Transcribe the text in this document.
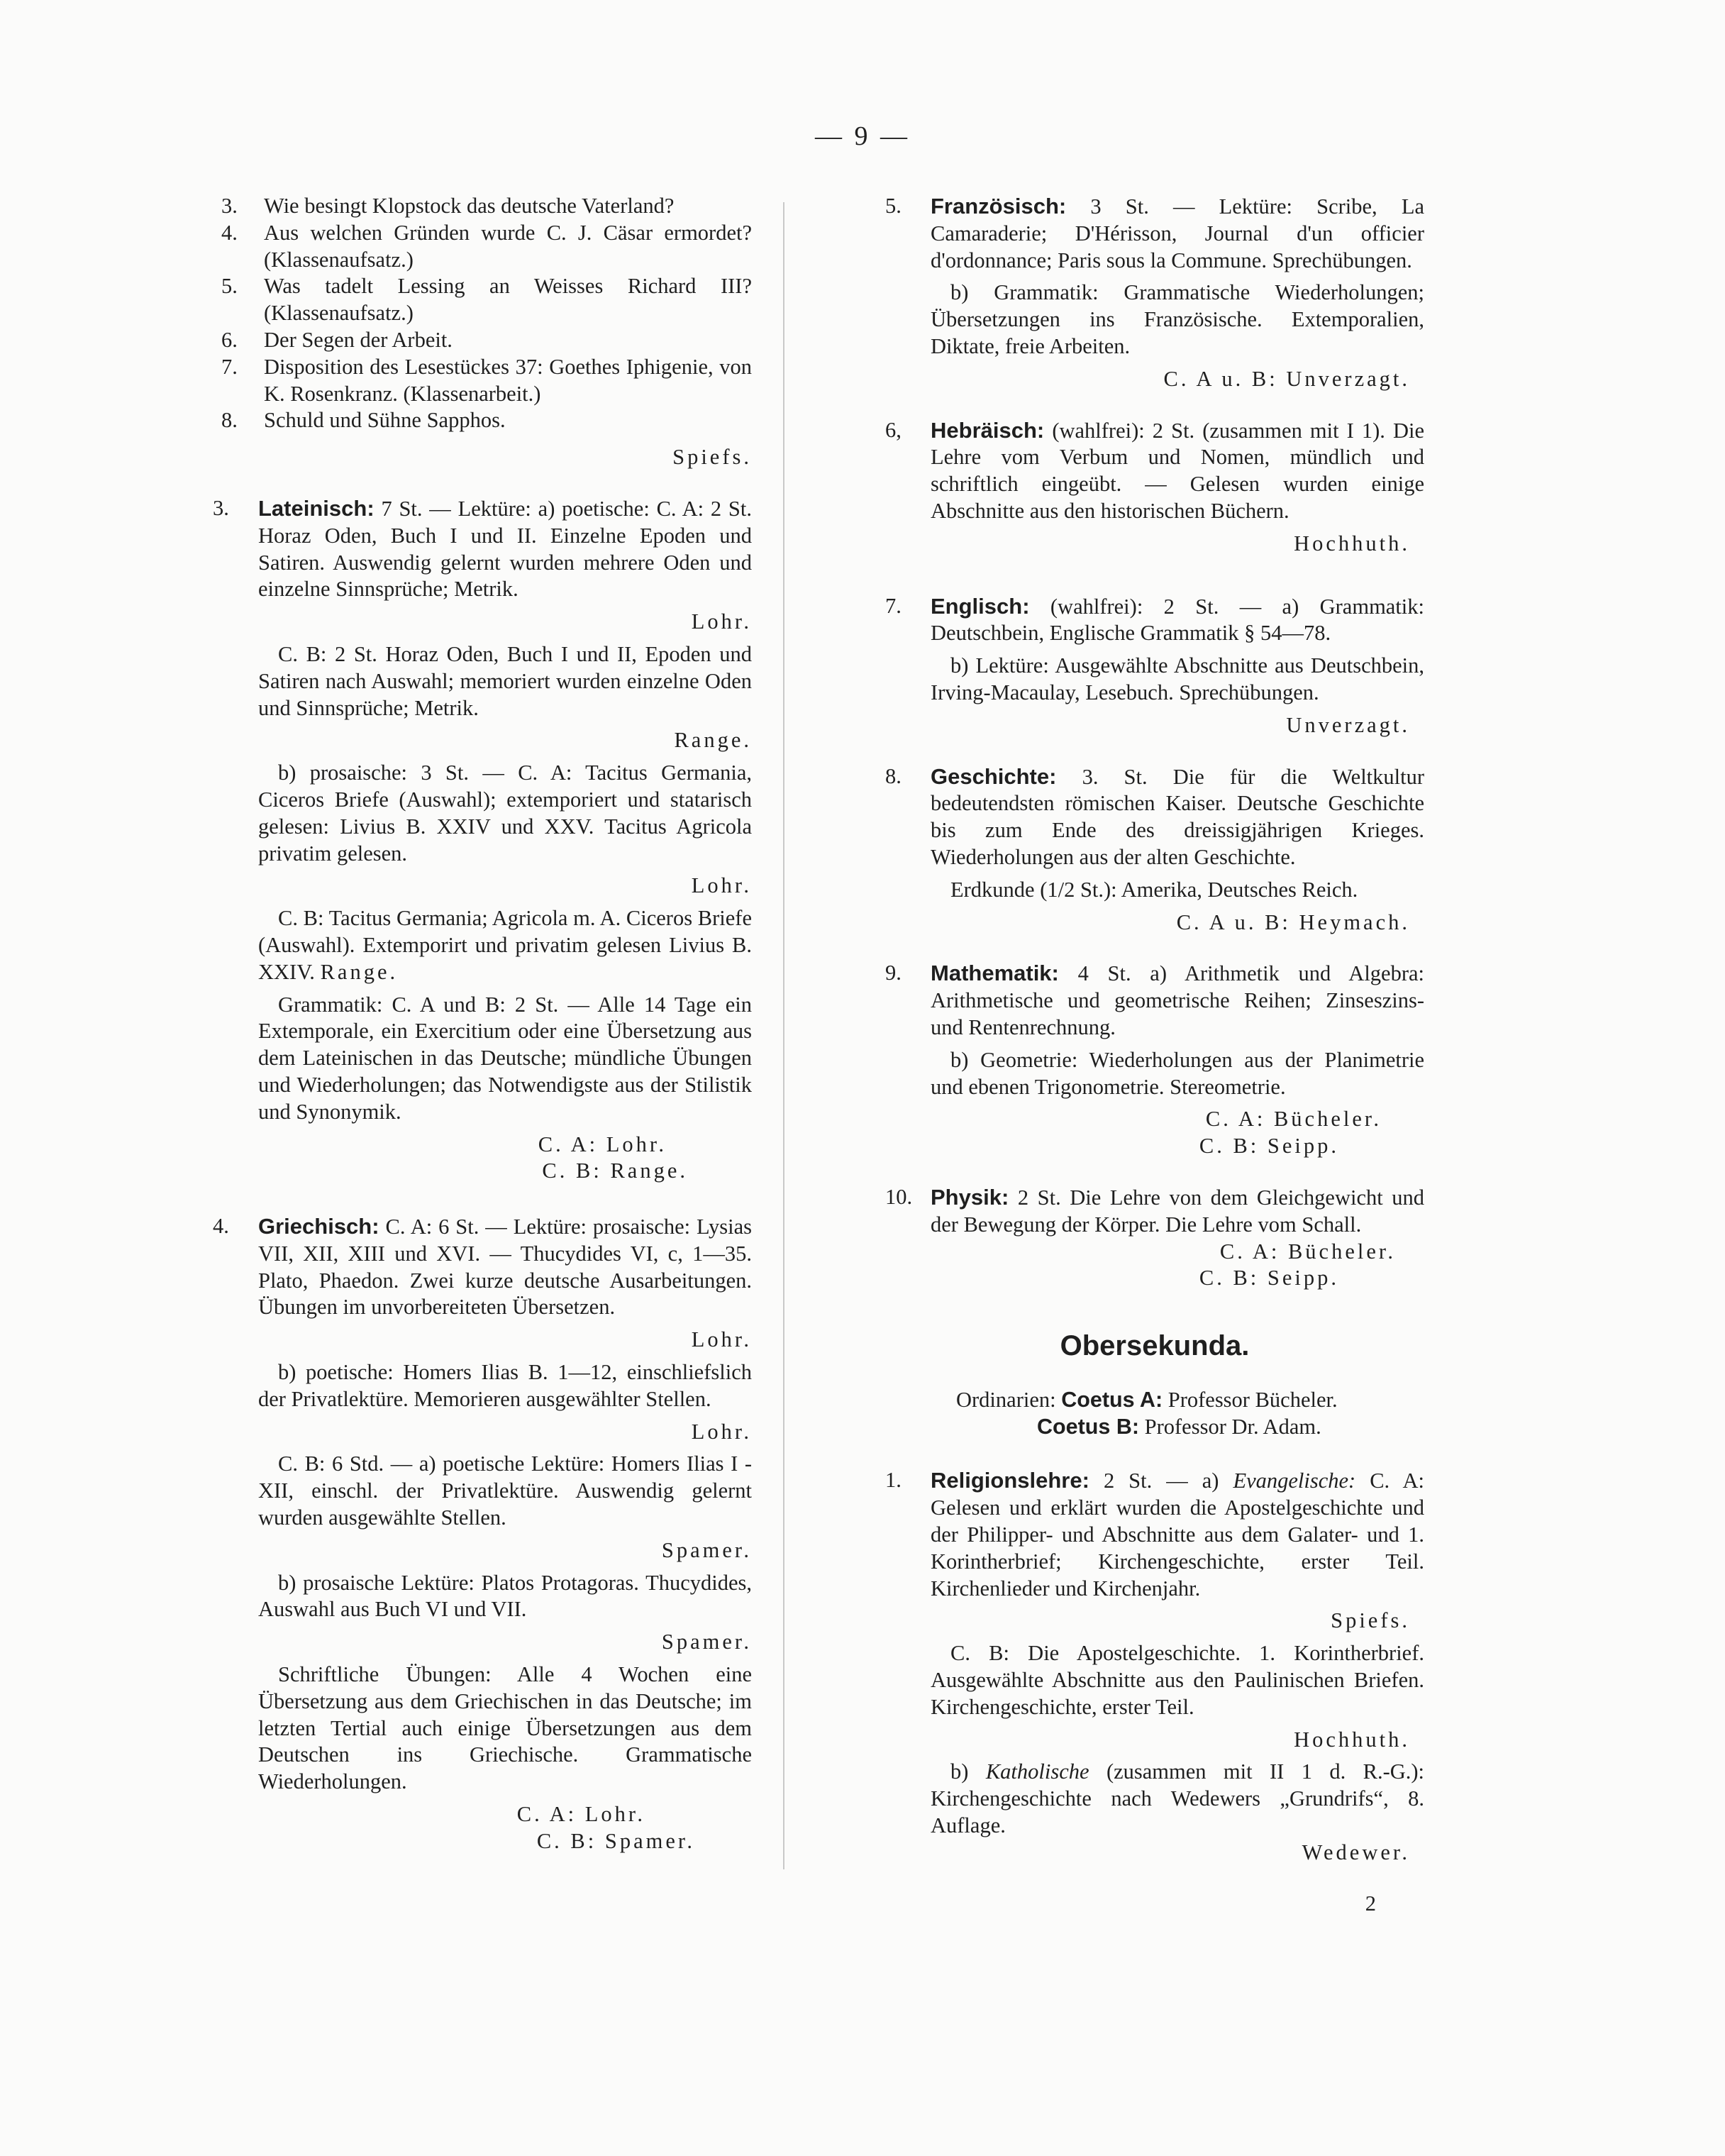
— 9 —

3. Wie besingt Klopstock das deutsche Vaterland?

4. Aus welchen Gründen wurde C. J. Cäsar ermordet? (Klassenaufsatz.)

5. Was tadelt Lessing an Weisses Richard III? (Klassenaufsatz.)

6. Der Segen der Arbeit.

7. Disposition des Lesestückes 37: Goethes Iphigenie, von K. Rosenkranz. (Klassenarbeit.)

8. Schuld und Sühne Sapphos.

Spiefs.

3. Lateinisch: 7 St. — Lektüre: a) poetische: C. A: 2 St. Horaz Oden, Buch I und II. Einzelne Epoden und Satiren. Auswendig gelernt wurden mehrere Oden und einzelne Sinnsprüche; Metrik.

Lohr.

C. B: 2 St. Horaz Oden, Buch I und II, Epoden und Satiren nach Auswahl; memoriert wurden einzelne Oden und Sinnsprüche; Metrik.

Range.

b) prosaische: 3 St. — C. A: Tacitus Germania, Ciceros Briefe (Auswahl); extemporiert und statarisch gelesen: Livius B. XXIV und XXV. Tacitus Agricola privatim gelesen.

Lohr.

C. B: Tacitus Germania; Agricola m. A. Ciceros Briefe (Auswahl). Extemporirt und privatim gelesen Livius B. XXIV. Range.

Grammatik: C. A und B: 2 St. — Alle 14 Tage ein Extemporale, ein Exercitium oder eine Übersetzung aus dem Lateinischen in das Deutsche; mündliche Übungen und Wiederholungen; das Notwendigste aus der Stilistik und Synonymik.

C. A: Lohr.

C. B: Range.

4. Griechisch: C. A: 6 St. — Lektüre: prosaische: Lysias VII, XII, XIII und XVI. — Thucydides VI, c, 1—35. Plato, Phaedon. Zwei kurze deutsche Ausarbeitungen. Übungen im unvorbereiteten Übersetzen.

Lohr.

b) poetische: Homers Ilias B. 1—12, einschliefslich der Privatlektüre. Memorieren ausgewählter Stellen.

Lohr.

C. B: 6 Std. — a) poetische Lektüre: Homers Ilias I - XII, einschl. der Privatlektüre. Auswendig gelernt wurden ausgewählte Stellen.

Spamer.

b) prosaische Lektüre: Platos Protagoras. Thucydides, Auswahl aus Buch VI und VII.

Spamer.

Schriftliche Übungen: Alle 4 Wochen eine Übersetzung aus dem Griechischen in das Deutsche; im letzten Tertial auch einige Übersetzungen aus dem Deutschen ins Griechische. Grammatische Wiederholungen.

C. A: Lohr.

C. B: Spamer.

5. Französisch: 3 St. — Lektüre: Scribe, La Camaraderie; D'Hérisson, Journal d'un officier d'ordonnance; Paris sous la Commune. Sprechübungen.

b) Grammatik: Grammatische Wiederholungen; Übersetzungen ins Französische. Extemporalien, Diktate, freie Arbeiten.

C. A u. B: Unverzagt.

6, Hebräisch: (wahlfrei): 2 St. (zusammen mit I 1). Die Lehre vom Verbum und Nomen, mündlich und schriftlich eingeübt. — Gelesen wurden einige Abschnitte aus den historischen Büchern.

Hochhuth.

7. Englisch: (wahlfrei): 2 St. — a) Grammatik: Deutschbein, Englische Grammatik § 54—78.

b) Lektüre: Ausgewählte Abschnitte aus Deutschbein, Irving-Macaulay, Lesebuch. Sprechübungen.

Unverzagt.

8. Geschichte: 3. St. Die für die Weltkultur bedeutendsten römischen Kaiser. Deutsche Geschichte bis zum Ende des dreissigjährigen Krieges. Wiederholungen aus der alten Geschichte.

Erdkunde (1/2 St.): Amerika, Deutsches Reich.

C. A u. B: Heymach.

9. Mathematik: 4 St. a) Arithmetik und Algebra: Arithmetische und geometrische Reihen; Zinseszins- und Rentenrechnung.

b) Geometrie: Wiederholungen aus der Planimetrie und ebenen Trigonometrie. Stereometrie.

C. A: Bücheler.

C. B: Seipp.

10. Physik: 2 St. Die Lehre von dem Gleichgewicht und der Bewegung der Körper. Die Lehre vom Schall.

C. A: Bücheler.

C. B: Seipp.

Obersekunda.

Ordinarien: Coetus A: Professor Bücheler.

Coetus B: Professor Dr. Adam.

1. Religionslehre: 2 St. — a) Evangelische: C. A: Gelesen und erklärt wurden die Apostelgeschichte und der Philipper- und Abschnitte aus dem Galater- und 1. Korintherbrief; Kirchengeschichte, erster Teil. Kirchenlieder und Kirchenjahr.

Spiefs.

C. B: Die Apostelgeschichte. 1. Korintherbrief. Ausgewählte Abschnitte aus den Paulinischen Briefen. Kirchengeschichte, erster Teil.

Hochhuth.

b) Katholische (zusammen mit II 1 d. R.-G.): Kirchengeschichte nach Wedewers „Grundrifs“, 8. Auflage.

Wedewer.

2
